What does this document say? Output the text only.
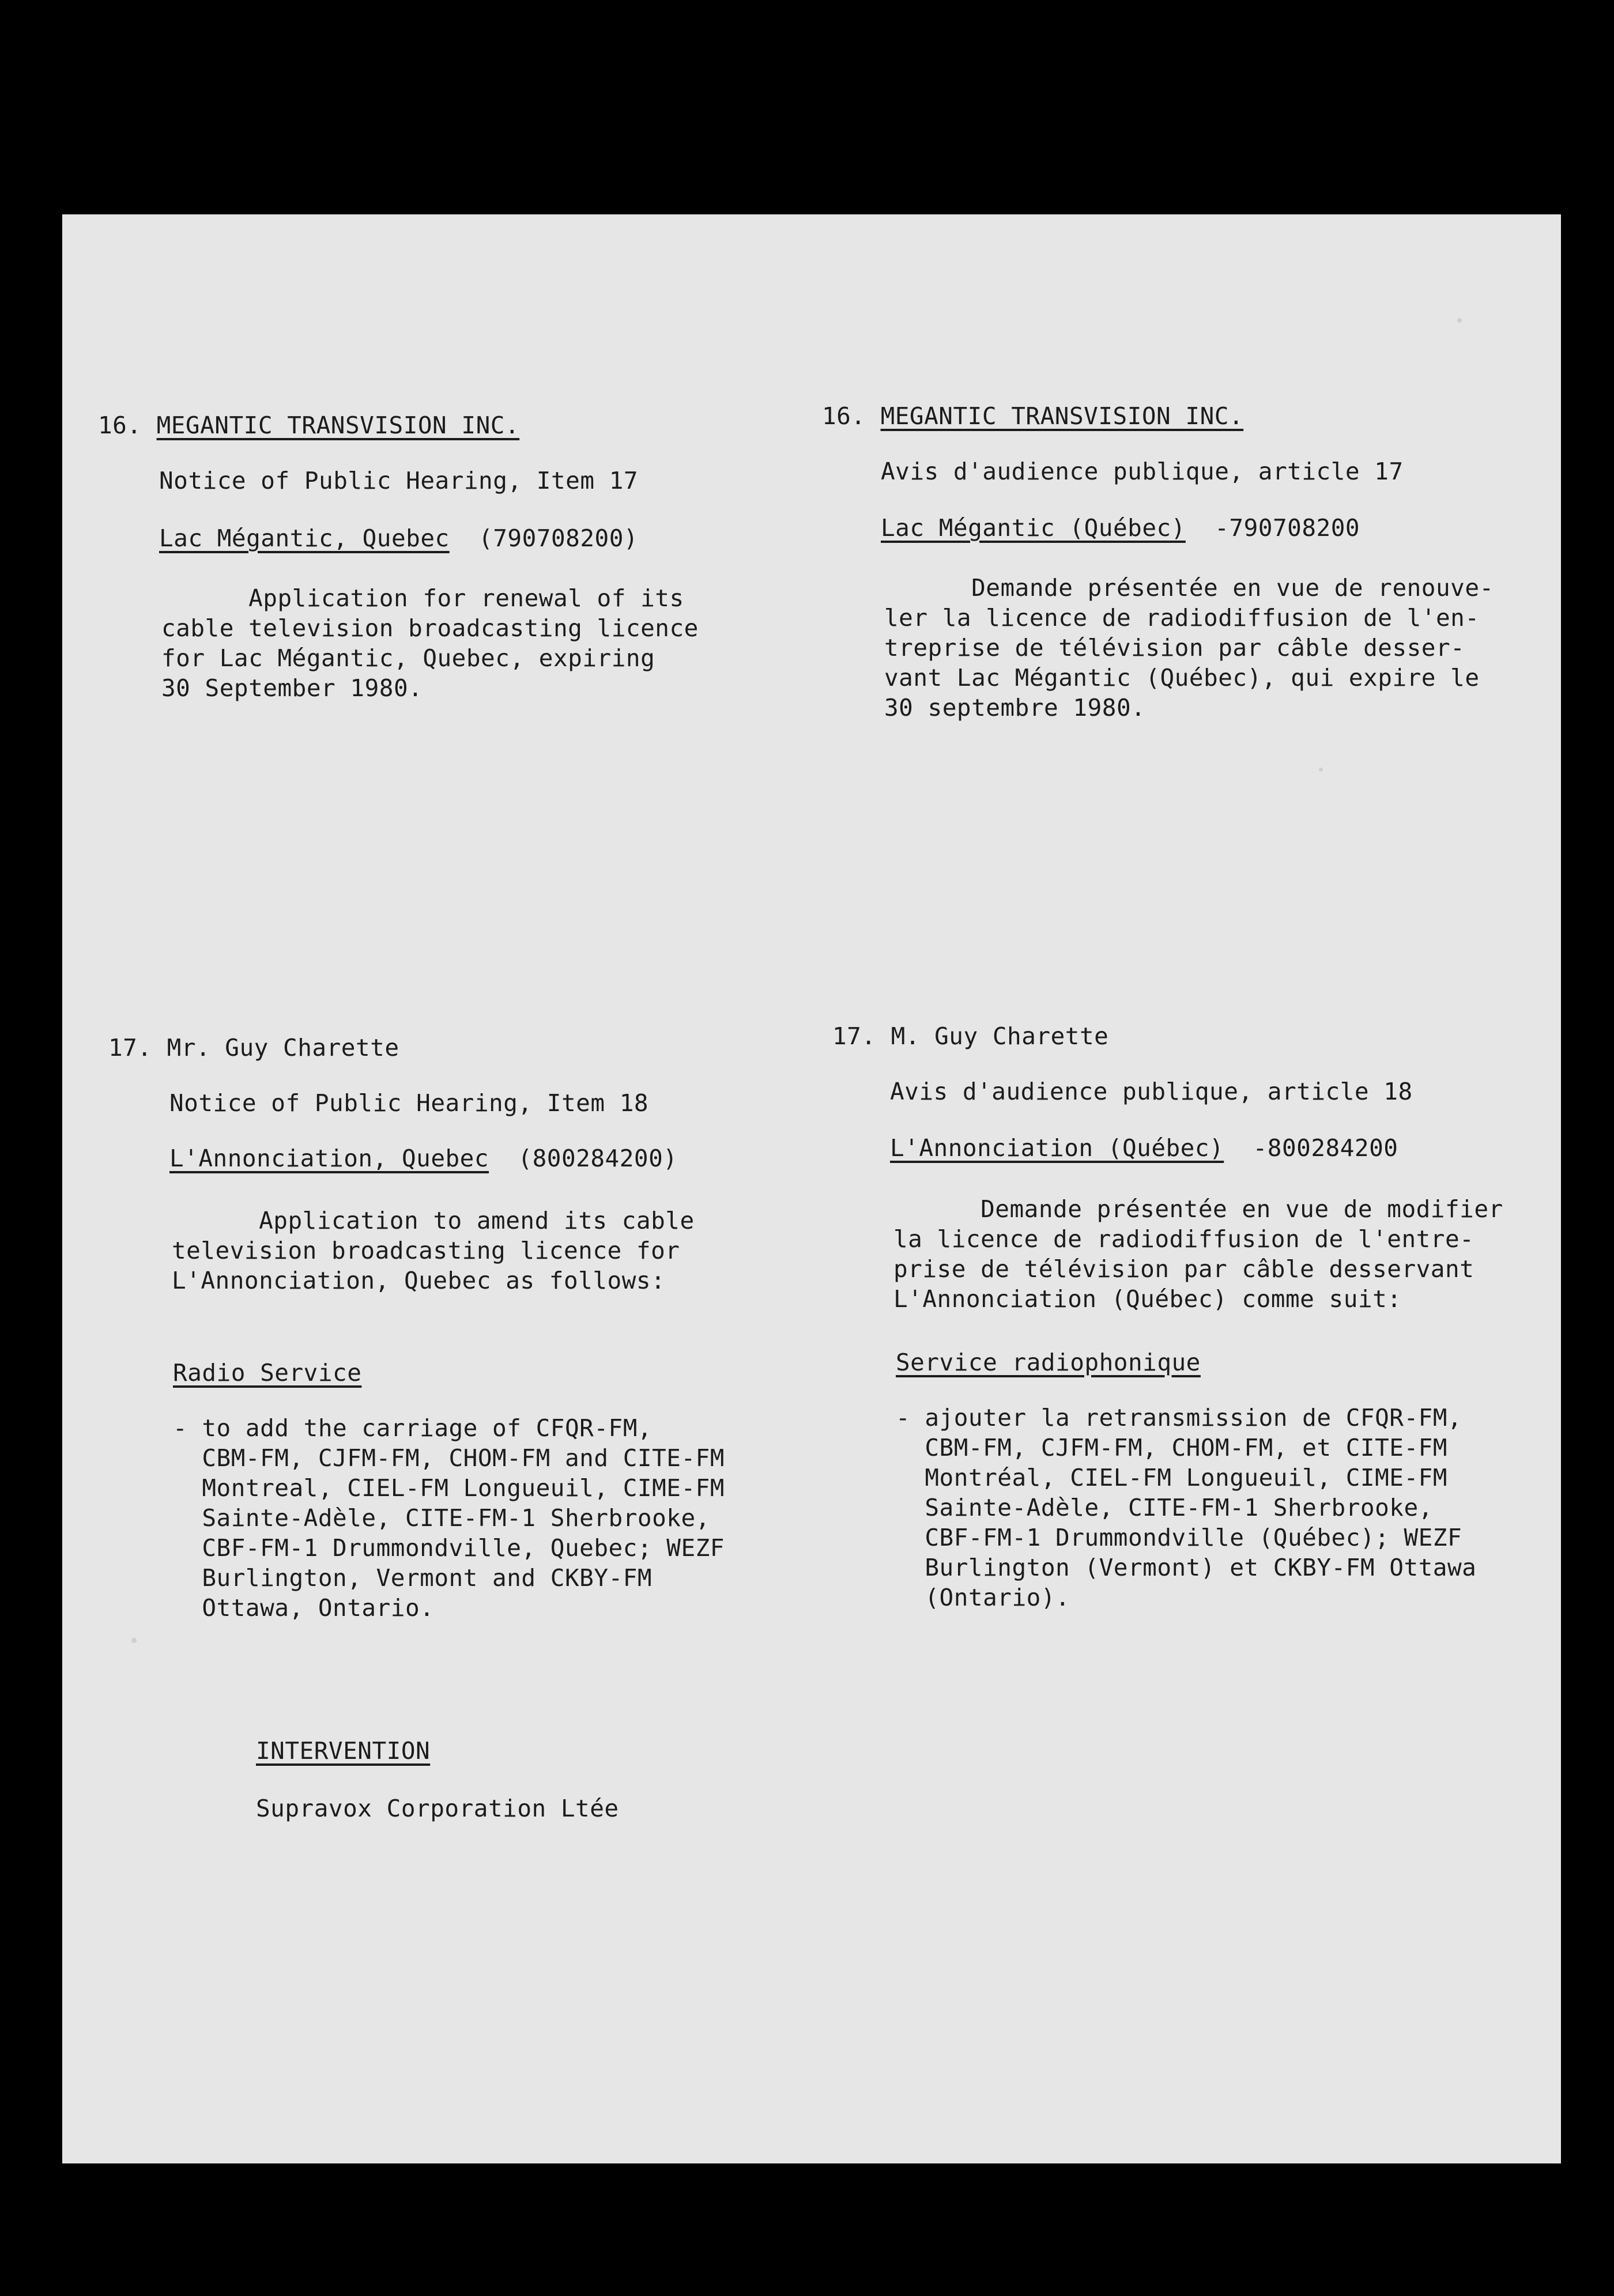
16. MEGANTIC TRANSVISION INC.
Notice of Public Hearing, Item 17
Lac Mégantic, Quebec (790708200)
Application for renewal of its
cable television broadcasting licence
for Lac Mégantic, Quebec, expiring
30 September 1980.
16. MEGANTIC TRANSVISION INC.
Avis d'audience publique, article 17
Lac Mégantic (Québec) -790708200
Demande présentée en vue de renouve-
ler la licence de radiodiffusion de l'en-
treprise de télévision par câble desser-
vant Lac Mégantic (Québec), qui expire le
30 septembre 1980.
17. Mr. Guy Charette
Notice of Public Hearing, Item 18
L'Annonciation, Quebec (800284200)
Application to amend its cable
television broadcasting licence for
L'Annonciation, Quebec as follows:
Radio Service
- to add the carriage of CFQR-FM,
CBM-FM, CJFM-FM, CHOM-FM and CITE-FM
Montreal, CIEL-FM Longueuil, CIME-FM
Sainte-Adèle, CITE-FM-1 Sherbrooke,
CBF-FM-1 Drummondville, Quebec; WEZF
Burlington, Vermont and CKBY-FM
Ottawa, Ontario.
INTERVENTION
Supravox Corporation Ltée
17. M. Guy Charette
Avis d'audience publique, article 18
L'Annonciation (Québec) -800284200
Demande présentée en vue de modifier
la licence de radiodiffusion de l'entre-
prise de télévision par câble desservant
L'Annonciation (Québec) comme suit:
Service radiophonique
- ajouter la retransmission de CFQR-FM,
CBM-FM, CJFM-FM, CHOM-FM, et CITE-FM
Montréal, CIEL-FM Longueuil, CIME-FM
Sainte-Adèle, CITE-FM-1 Sherbrooke,
CBF-FM-1 Drummondville (Québec); WEZF
Burlington (Vermont) et CKBY-FM Ottawa
(Ontario).
